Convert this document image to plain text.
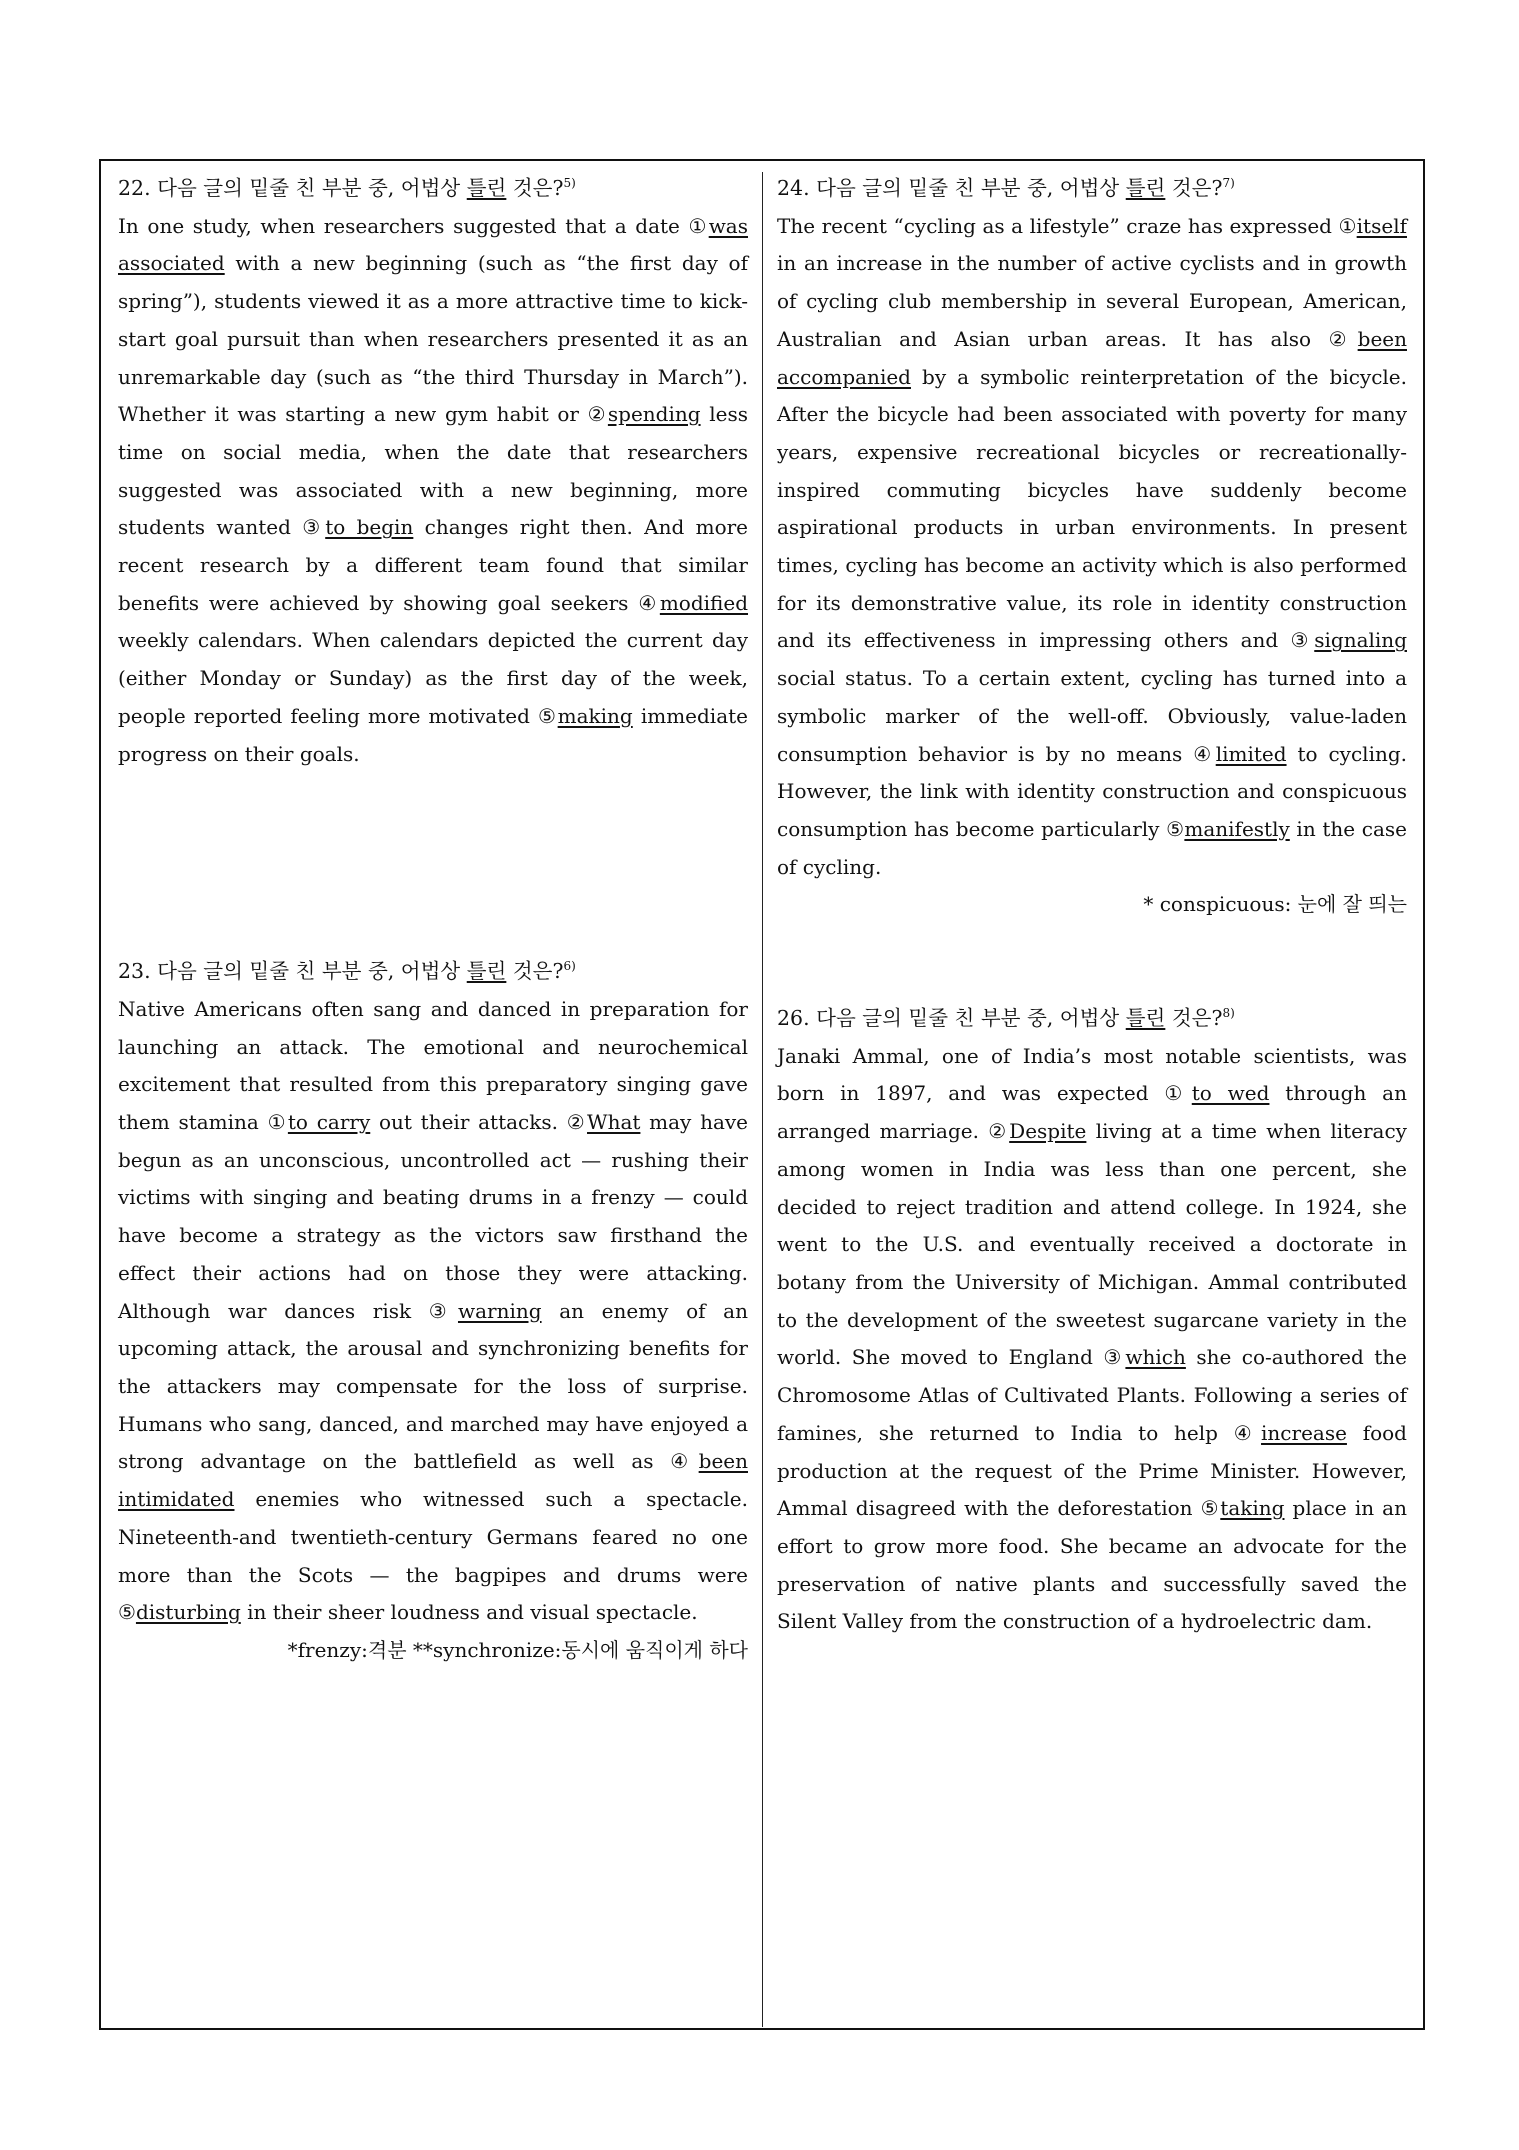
22. 다음 글의 밑줄 친 부분 중, 어법상 틀린 것은?$^{5)}$
In one study, when researchers suggested that a date ①was associated with a new beginning (such as “the first day of spring”), students viewed it as a more attractive time to kick-start goal pursuit than when researchers presented it as an unremarkable day (such as “the third Thursday in March”). Whether it was starting a new gym habit or ②spending less time on social media, when the date that researchers suggested was associated with a new beginning, more students wanted ③to begin changes right then. And more recent research by a different team found that similar benefits were achieved by showing goal seekers ④modified weekly calendars. When calendars depicted the current day (either Monday or Sunday) as the first day of the week, people reported feeling more motivated ⑤making immediate progress on their goals.
23. 다음 글의 밑줄 친 부분 중, 어법상 틀린 것은?$^{6)}$
Native Americans often sang and danced in preparation for launching an attack. The emotional and neurochemical excitement that resulted from this preparatory singing gave them stamina ①to carry out their attacks. ②What may have begun as an unconscious, uncontrolled act — rushing their victims with singing and beating drums in a frenzy — could have become a strategy as the victors saw firsthand the effect their actions had on those they were attacking. Although war dances risk ③warning an enemy of an upcoming attack, the arousal and synchronizing benefits for the attackers may compensate for the loss of surprise. Humans who sang, danced, and marched may have enjoyed a strong advantage on the battlefield as well as ④been intimidated enemies who witnessed such a spectacle. Nineteenth-and twentieth-century Germans feared no one more than the Scots — the bagpipes and drums were ⑤disturbing in their sheer loudness and visual spectacle.
*frenzy:격분 **synchronize:동시에 움직이게 하다
24. 다음 글의 밑줄 친 부분 중, 어법상 틀린 것은?$^{7)}$
The recent “cycling as a lifestyle” craze has expressed ①itself in an increase in the number of active cyclists and in growth of cycling club membership in several European, American, Australian and Asian urban areas. It has also ②been accompanied by a symbolic reinterpretation of the bicycle. After the bicycle had been associated with poverty for many years, expensive recreational bicycles or recreationally-inspired commuting bicycles have suddenly become aspirational products in urban environments. In present times, cycling has become an activity which is also performed for its demonstrative value, its role in identity construction and its effectiveness in impressing others and ③signaling social status. To a certain extent, cycling has turned into a symbolic marker of the well-off. Obviously, value-laden consumption behavior is by no means ④limited to cycling. However, the link with identity construction and conspicuous consumption has become particularly ⑤manifestly in the case of cycling.
* conspicuous: 눈에 잘 띄는
26. 다음 글의 밑줄 친 부분 중, 어법상 틀린 것은?$^{8)}$
Janaki Ammal, one of India’s most notable scientists, was born in 1897, and was expected ①to wed through an arranged marriage. ②Despite living at a time when literacy among women in India was less than one percent, she decided to reject tradition and attend college. In 1924, she went to the U.S. and eventually received a doctorate in botany from the University of Michigan. Ammal contributed to the development of the sweetest sugarcane variety in the world. She moved to England ③which she co-authored the Chromosome Atlas of Cultivated Plants. Following a series of famines, she returned to India to help ④increase food production at the request of the Prime Minister. However, Ammal disagreed with the deforestation ⑤taking place in an effort to grow more food. She became an advocate for the preservation of native plants and successfully saved the Silent Valley from the construction of a hydroelectric dam.
